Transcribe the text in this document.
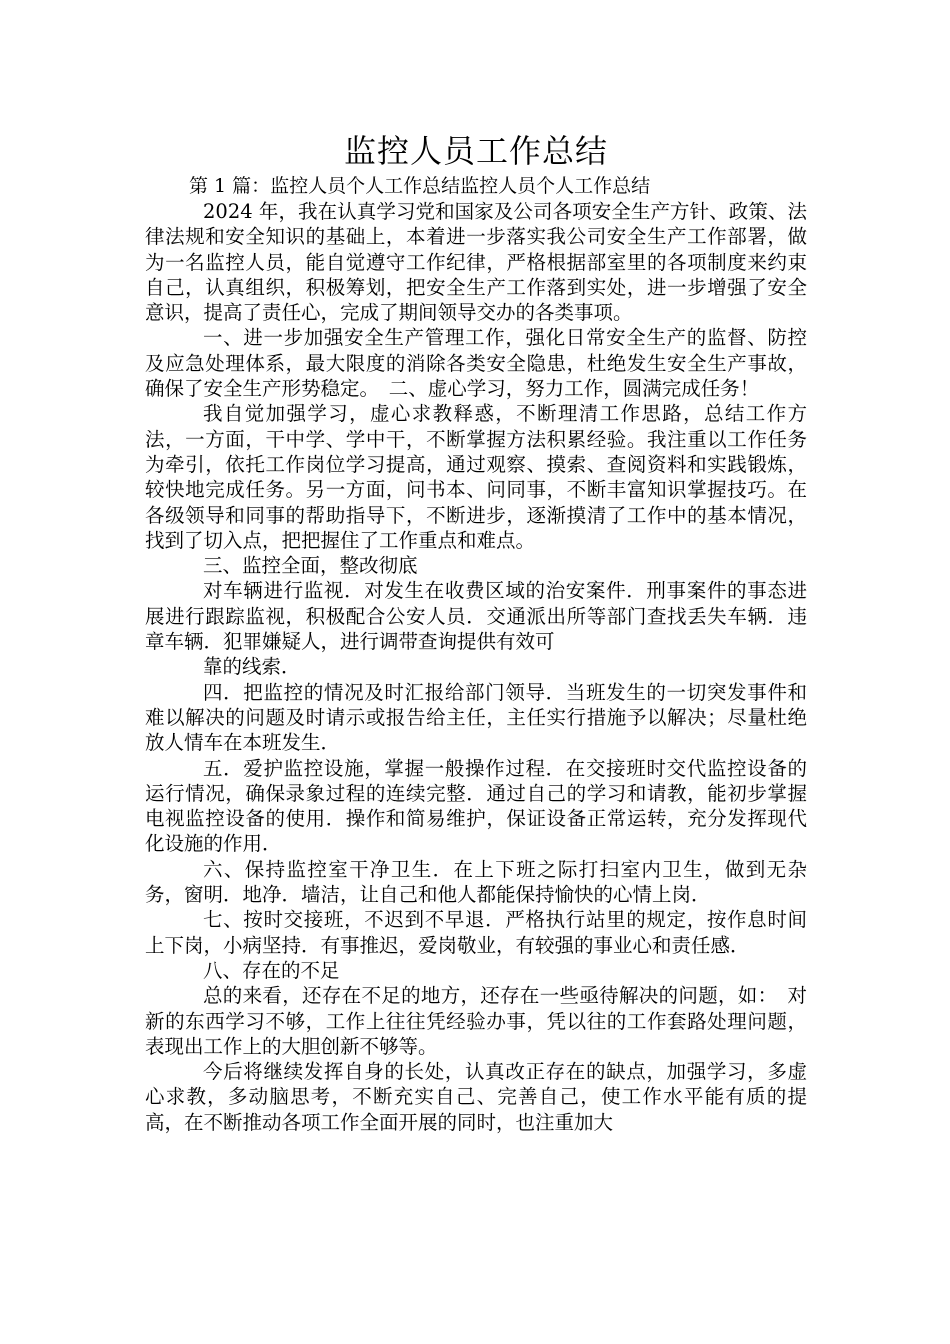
监控人员工作总结

第 1 篇：监控人员个人工作总结监控人员个人工作总结

2024 年，我在认真学习党和国家及公司各项安全生产方针、政策、法律法规和安全知识的基础上，本着进一步落实我公司安全生产工作部署，做为一名监控人员，能自觉遵守工作纪律，严格根据部室里的各项制度来约束自己，认真组织，积极筹划，把安全生产工作落到实处，进一步增强了安全意识，提高了责任心，完成了期间领导交办的各类事项。

一、进一步加强安全生产管理工作，强化日常安全生产的监督、防控及应急处理体系，最大限度的消除各类安全隐患，杜绝发生安全生产事故，确保了安全生产形势稳定。　二、虚心学习，努力工作，圆满完成任务！

我自觉加强学习，虚心求教释惑，不断理清工作思路，总结工作方法，一方面，干中学、学中干，不断掌握方法积累经验。我注重以工作任务为牵引，依托工作岗位学习提高，通过观察、摸索、查阅资料和实践锻炼，较快地完成任务。另一方面，问书本、问同事，不断丰富知识掌握技巧。在各级领导和同事的帮助指导下，不断进步，逐渐摸清了工作中的基本情况，找到了切入点，把把握住了工作重点和难点。

三、监控全面，整改彻底

对车辆进行监视．对发生在收费区域的治安案件．刑事案件的事态进展进行跟踪监视，积极配合公安人员．交通派出所等部门查找丢失车辆．违章车辆．犯罪嫌疑人，进行调带查询提供有效可

靠的线索．

四．把监控的情况及时汇报给部门领导．当班发生的一切突发事件和难以解决的问题及时请示或报告给主任，主任实行措施予以解决；尽量杜绝放人情车在本班发生．

五．爱护监控设施，掌握一般操作过程．在交接班时交代监控设备的运行情况，确保录象过程的连续完整．通过自己的学习和请教，能初步掌握电视监控设备的使用．操作和简易维护，保证设备正常运转，充分发挥现代化设施的作用．

六、保持监控室干净卫生．在上下班之际打扫室内卫生，做到无杂务，窗明．地净．墙洁，让自己和他人都能保持愉快的心情上岗．

七、按时交接班，不迟到不早退．严格执行站里的规定，按作息时间上下岗，小病坚持．有事推迟，爱岗敬业，有较强的事业心和责任感．

八、存在的不足

总的来看，还存在不足的地方，还存在一些亟待解决的问题，如：　对新的东西学习不够，工作上往往凭经验办事，凭以往的工作套路处理问题，表现出工作上的大胆创新不够等。

今后将继续发挥自身的长处，认真改正存在的缺点，加强学习，多虚心求教，多动脑思考，不断充实自己、完善自己，使工作水平能有质的提高，在不断推动各项工作全面开展的同时，也注重加大
